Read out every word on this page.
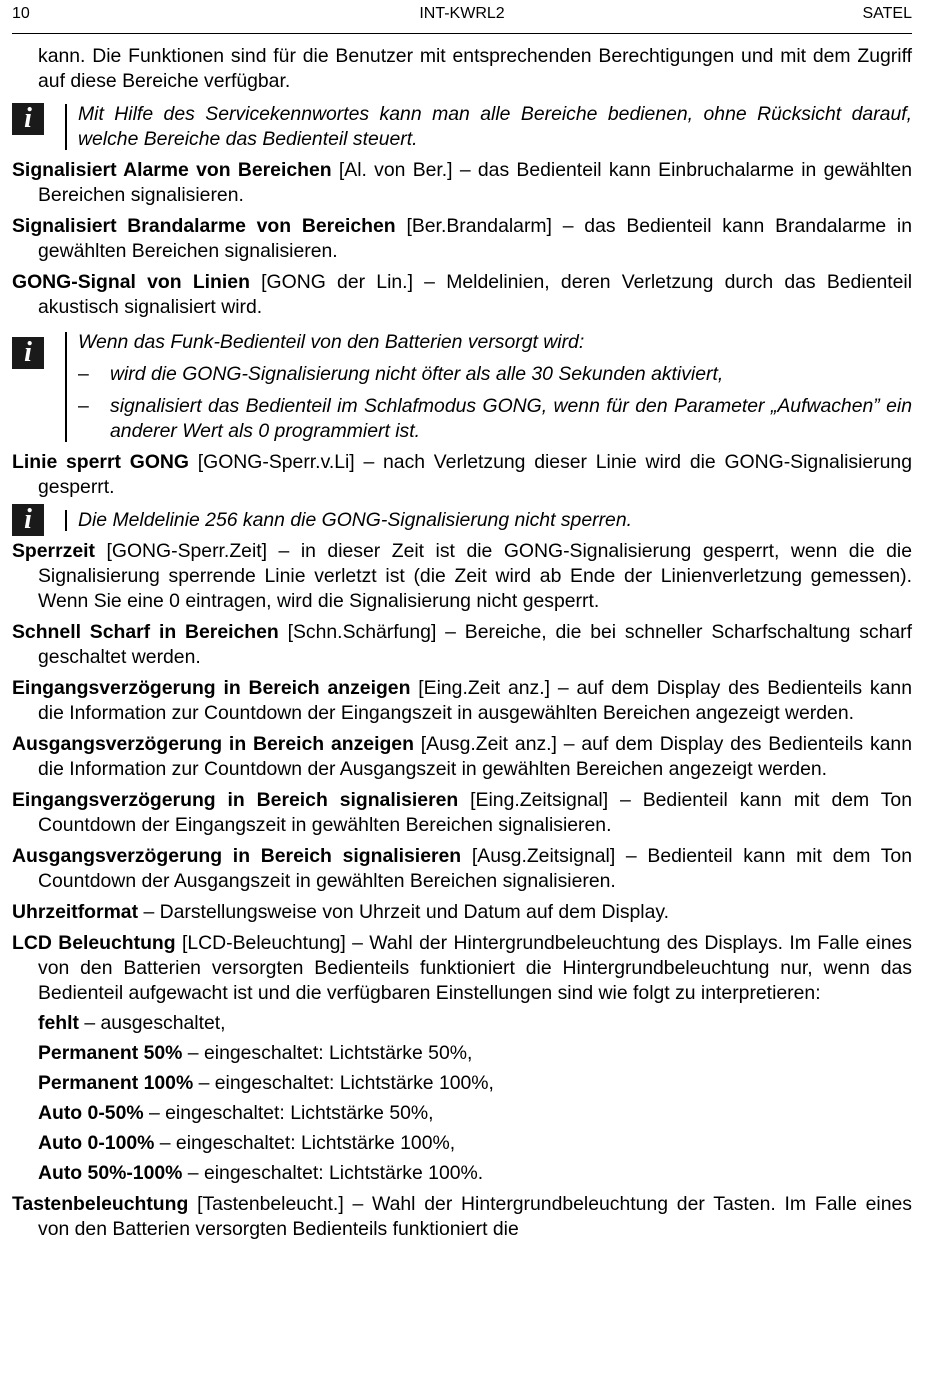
10	INT-KWRL2	SATEL

kann. Die Funktionen sind für die Benutzer mit entsprechenden Berechtigungen und mit dem Zugriff auf diese Bereiche verfügbar.

i	Mit Hilfe des Servicekennwortes kann man alle Bereiche bedienen, ohne Rücksicht darauf, welche Bereiche das Bedienteil steuert.

Signalisiert Alarme von Bereichen [Al. von Ber.] – das Bedienteil kann Einbruchalarme in gewählten Bereichen signalisieren.

Signalisiert Brandalarme von Bereichen [Ber.Brandalarm] – das Bedienteil kann Brandalarme in gewählten Bereichen signalisieren.

GONG-Signal von Linien [GONG der Lin.] – Meldelinien, deren Verletzung durch das Bedienteil akustisch signalisiert wird.

i	Wenn das Funk-Bedienteil von den Batterien versorgt wird:

– wird die GONG-Signalisierung nicht öfter als alle 30 Sekunden aktiviert,

– signalisiert das Bedienteil im Schlafmodus GONG, wenn für den Parameter „Aufwachen” ein anderer Wert als 0 programmiert ist.

Linie sperrt GONG [GONG-Sperr.v.Li] – nach Verletzung dieser Linie wird die GONG-Signalisierung gesperrt.

i	Die Meldelinie 256 kann die GONG-Signalisierung nicht sperren.

Sperrzeit [GONG-Sperr.Zeit] – in dieser Zeit ist die GONG-Signalisierung gesperrt, wenn die die Signalisierung sperrende Linie verletzt ist (die Zeit wird ab Ende der Linienverletzung gemessen). Wenn Sie eine 0 eintragen, wird die Signalisierung nicht gesperrt.

Schnell Scharf in Bereichen [Schn.Schärfung] – Bereiche, die bei schneller Scharfschaltung scharf geschaltet werden.

Eingangsverzögerung in Bereich anzeigen [Eing.Zeit anz.] – auf dem Display des Bedienteils kann die Information zur Countdown der Eingangszeit in ausgewählten Bereichen angezeigt werden.

Ausgangsverzögerung in Bereich anzeigen [Ausg.Zeit anz.] – auf dem Display des Bedienteils kann die Information zur Countdown der Ausgangszeit in gewählten Bereichen angezeigt werden.

Eingangsverzögerung in Bereich signalisieren [Eing.Zeitsignal] – Bedienteil kann mit dem Ton Countdown der Eingangszeit in gewählten Bereichen signalisieren.

Ausgangsverzögerung in Bereich signalisieren [Ausg.Zeitsignal] – Bedienteil kann mit dem Ton Countdown der Ausgangszeit in gewählten Bereichen signalisieren.

Uhrzeitformat – Darstellungsweise von Uhrzeit und Datum auf dem Display.

LCD Beleuchtung [LCD-Beleuchtung] – Wahl der Hintergrundbeleuchtung des Displays. Im Falle eines von den Batterien versorgten Bedienteils funktioniert die Hintergrundbeleuchtung nur, wenn das Bedienteil aufgewacht ist und die verfügbaren Einstellungen sind wie folgt zu interpretieren:

fehlt – ausgeschaltet,

Permanent 50% – eingeschaltet: Lichtstärke 50%,

Permanent 100% – eingeschaltet: Lichtstärke 100%,

Auto 0-50% – eingeschaltet: Lichtstärke 50%,

Auto 0-100% – eingeschaltet: Lichtstärke 100%,

Auto 50%-100% – eingeschaltet: Lichtstärke 100%.

Tastenbeleuchtung [Tastenbeleucht.] – Wahl der Hintergrundbeleuchtung der Tasten. Im Falle eines von den Batterien versorgten Bedienteils funktioniert die
